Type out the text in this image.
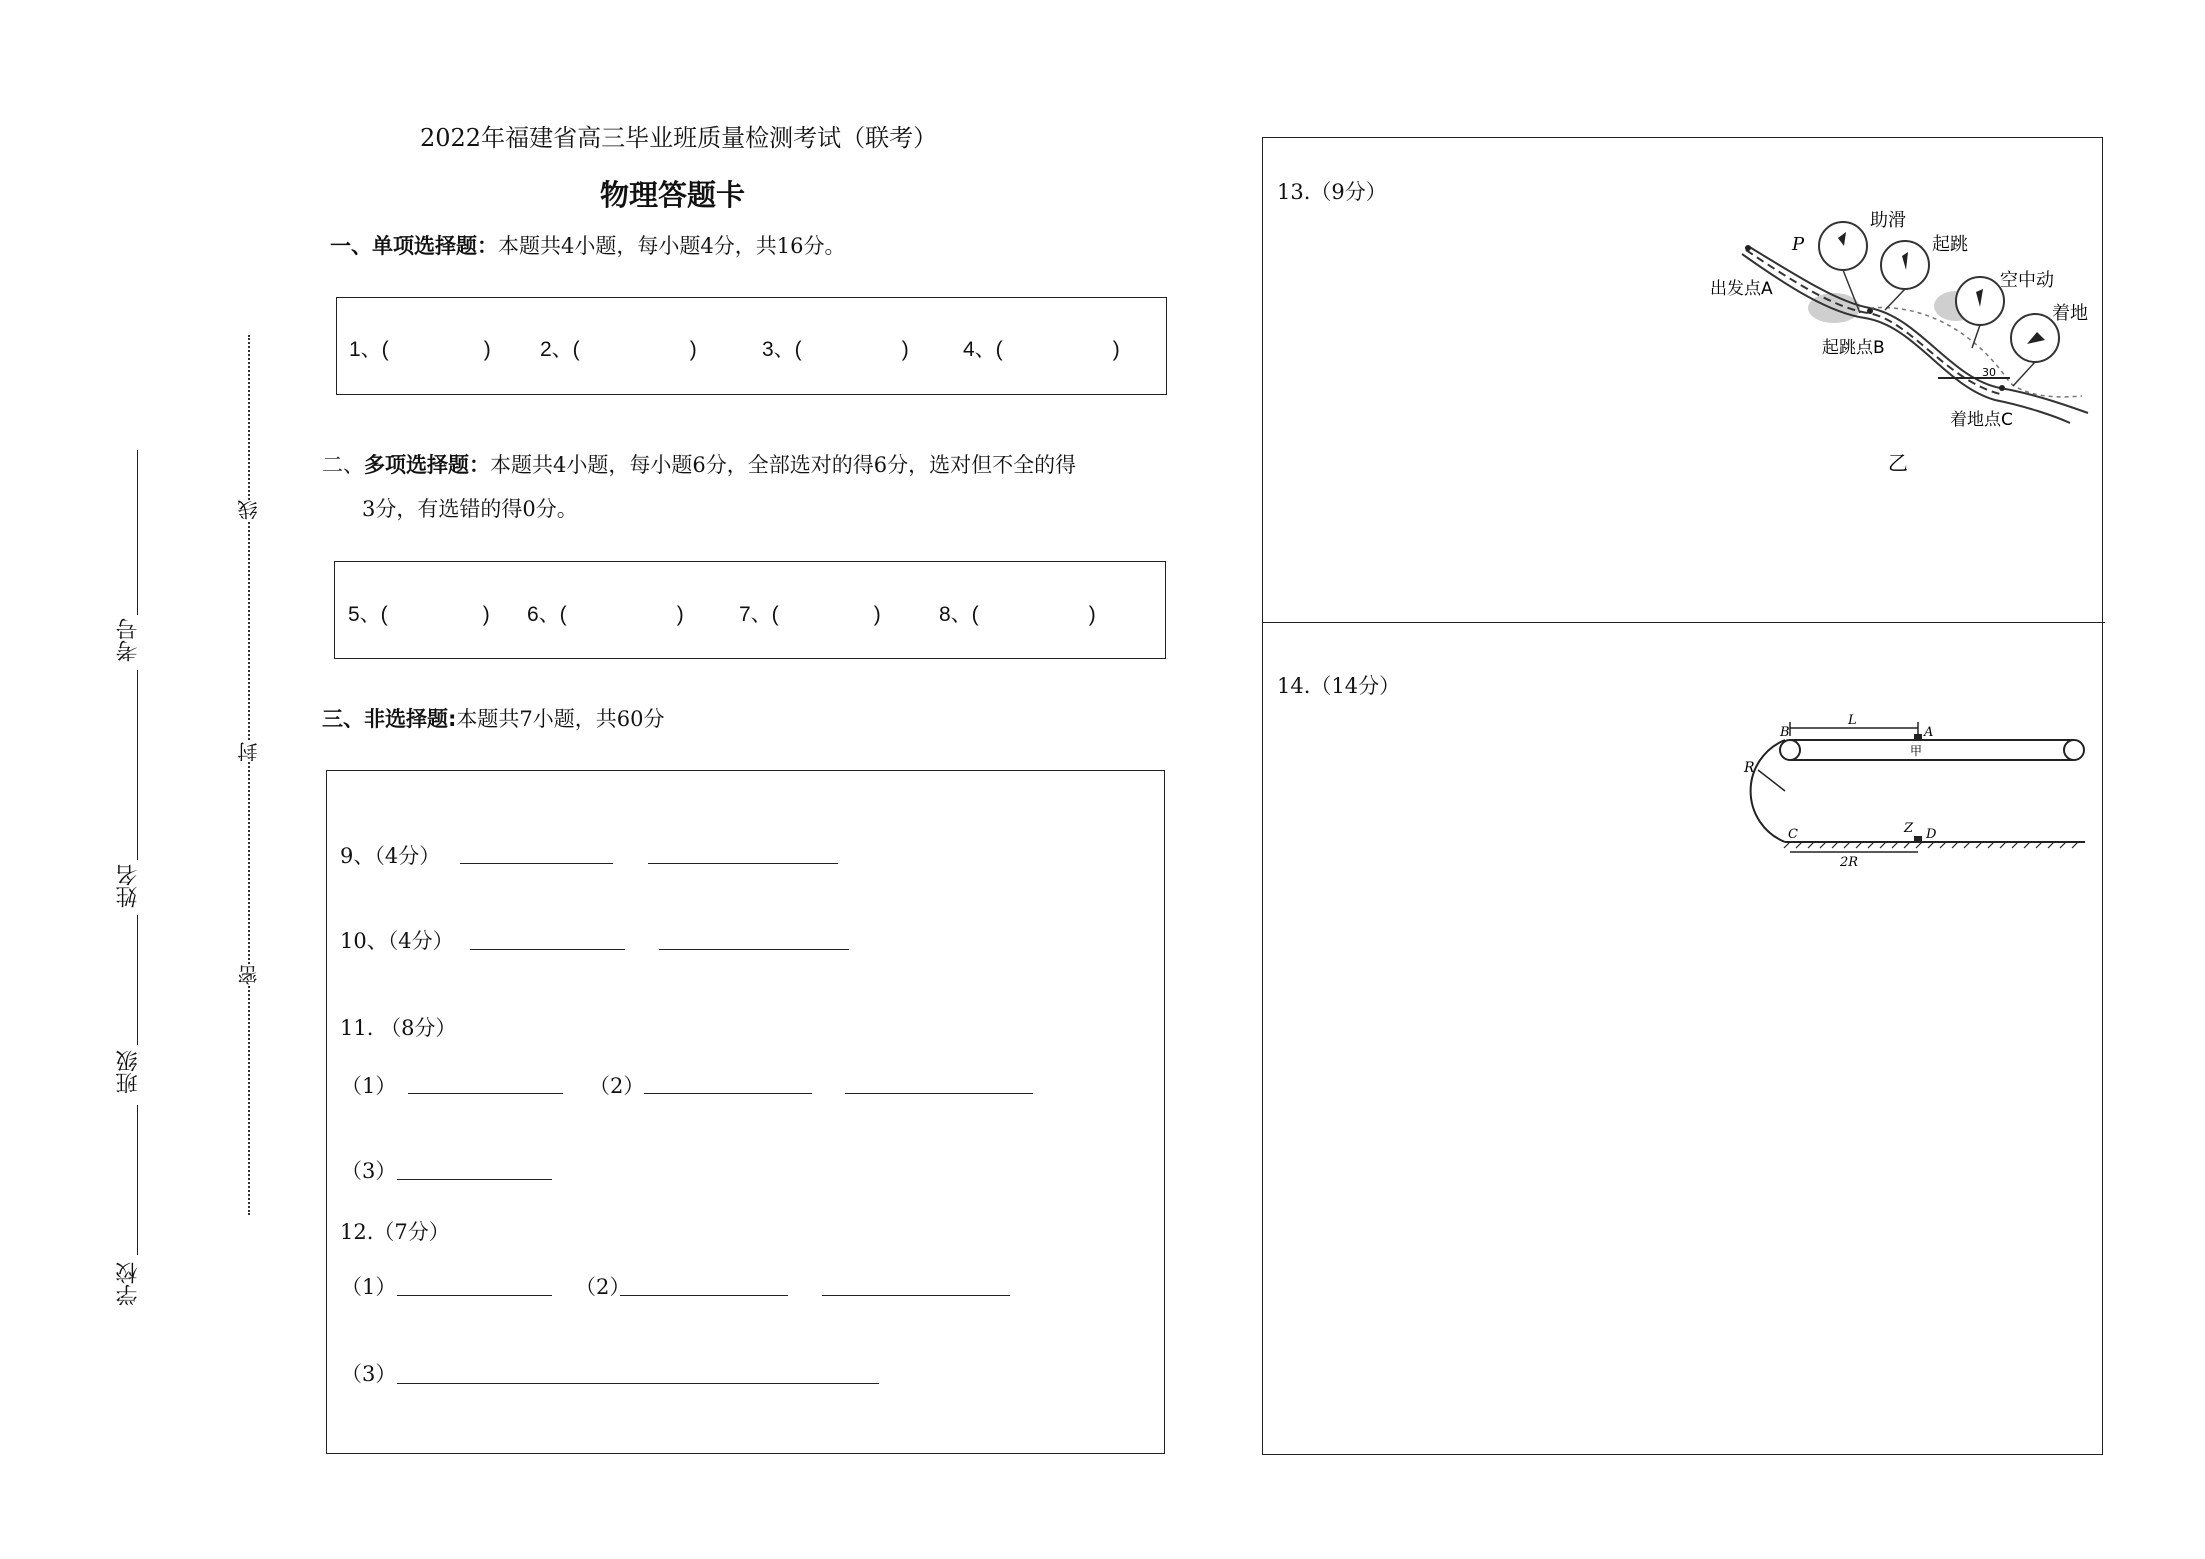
2022年福建省高三毕业班质量检测考试（联考）
物理答题卡
考号
姓名
班级
学校
线
封
密
一、单项选择题：本题共4小题，每小题4分，共16分。
1、(	) 2、(	)	3、(	)	4、(	)
二、多项选择题：本题共4小题，每小题6分，全部选对的得6分，选对但不全的得
3分，有选错的得0分。
5、(	) 6、(	)	7、(	)	8、(	)
三、非选择题:本题共7小题，共60分
9、（4分）
10、（4分）
11. （8分）
（1）	（2）
（3）
12.（7分）
（1）	（2）
（3）
13.（9分）
P
助滑
起跳
空中动
着地
出发点A
起跳点B
着地点C
30
乙
14.（14分）
L
A
B
甲
R
C	Z D
2R
